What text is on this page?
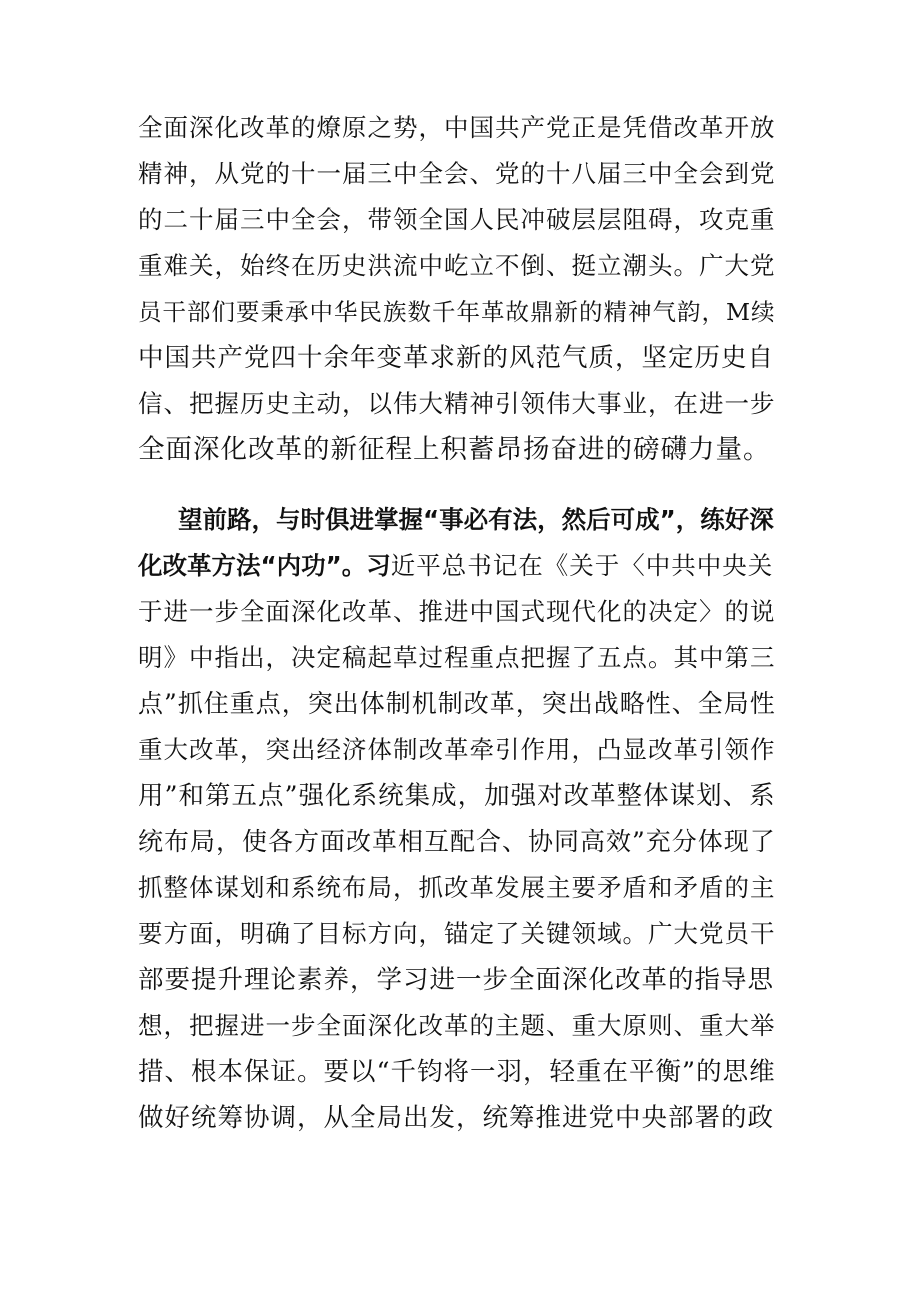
全面深化改革的燎原之势，中国共产党正是凭借改革开放
精神，从党的十一届三中全会、党的十八届三中全会到党
的二十届三中全会，带领全国人民冲破层层阻碍，攻克重
重难关，始终在历史洪流中屹立不倒、挺立潮头。广大党
员干部们要秉承中华民族数千年革故鼎新的精神气韵，M续
中国共产党四十余年变革求新的风范气质，坚定历史自
信、把握历史主动，以伟大精神引领伟大事业，在进一步
全面深化改革的新征程上积蓄昂扬奋进的磅礴力量。
望前路，与时俱进掌握“事必有法，然后可成”，练好深
化改革方法“内功”。习近平总书记在《关于〈中共中央关
于进一步全面深化改革、推进中国式现代化的决定〉的说
明》中指出，决定稿起草过程重点把握了五点。其中第三
点”抓住重点，突出体制机制改革，突出战略性、全局性
重大改革，突出经济体制改革牵引作用，凸显改革引领作
用”和第五点”强化系统集成，加强对改革整体谋划、系
统布局，使各方面改革相互配合、协同高效”充分体现了
抓整体谋划和系统布局，抓改革发展主要矛盾和矛盾的主
要方面，明确了目标方向，锚定了关键领域。广大党员干
部要提升理论素养，学习进一步全面深化改革的指导思
想，把握进一步全面深化改革的主题、重大原则、重大举
措、根本保证。要以“千钧将一羽，轻重在平衡”的思维
做好统筹协调，从全局出发，统筹推进党中央部署的政
